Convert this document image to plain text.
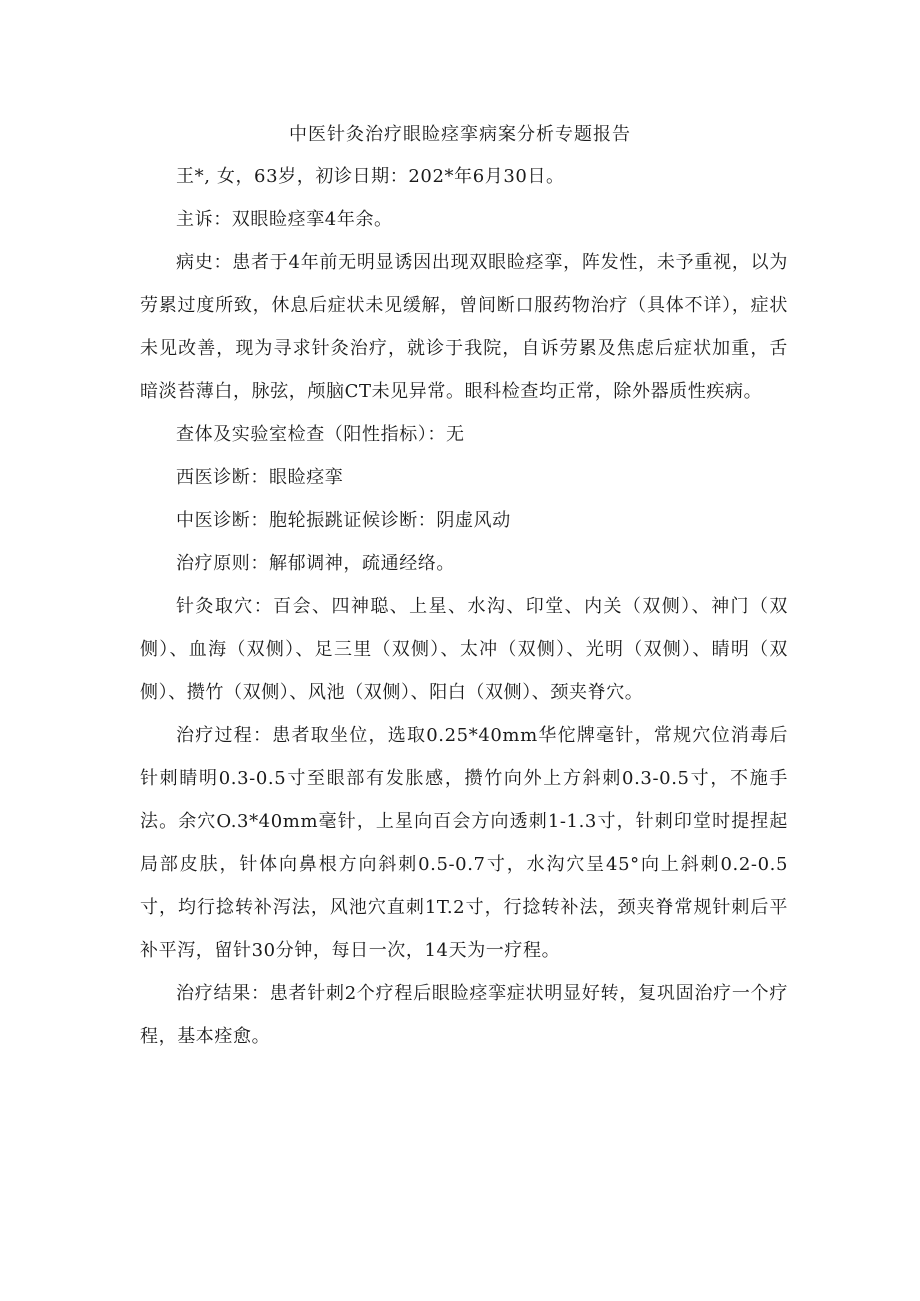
中医针灸治疗眼睑痉挛病案分析专题报告

王*, 女，63岁，初诊日期：202*年6月30日。

主诉：双眼睑痉挛4年余。

病史：患者于4年前无明显诱因出现双眼睑痉挛，阵发性，未予重视，以为劳累过度所致，休息后症状未见缓解，曾间断口服药物治疗（具体不详），症状未见改善，现为寻求针灸治疗，就诊于我院，自诉劳累及焦虑后症状加重，舌暗淡苔薄白，脉弦，颅脑CT未见异常。眼科检查均正常，除外器质性疾病。

查体及实验室检查（阳性指标）：无

西医诊断：眼睑痉挛

中医诊断：胞轮振跳证候诊断：阴虚风动

治疗原则：解郁调神，疏通经络。

针灸取穴：百会、四神聪、上星、水沟、印堂、内关（双侧）、神门（双侧）、血海（双侧）、足三里（双侧）、太冲（双侧）、光明（双侧）、睛明（双侧）、攒竹（双侧）、风池（双侧）、阳白（双侧）、颈夹脊穴。

治疗过程：患者取坐位，选取0.25*40mm华佗牌毫针，常规穴位消毒后针刺睛明0.3-0.5寸至眼部有发胀感，攒竹向外上方斜刺0.3-0.5寸，不施手法。余穴O.3*40mm毫针，上星向百会方向透刺1-1.3寸，针刺印堂时提捏起局部皮肤，针体向鼻根方向斜刺0.5-0.7寸，水沟穴呈45°向上斜刺0.2-0.5寸，均行捻转补泻法，风池穴直刺1T.2寸，行捻转补法，颈夹脊常规针刺后平补平泻，留针30分钟，每日一次，14天为一疗程。

治疗结果：患者针刺2个疗程后眼睑痉挛症状明显好转，复巩固治疗一个疗程，基本痊愈。
